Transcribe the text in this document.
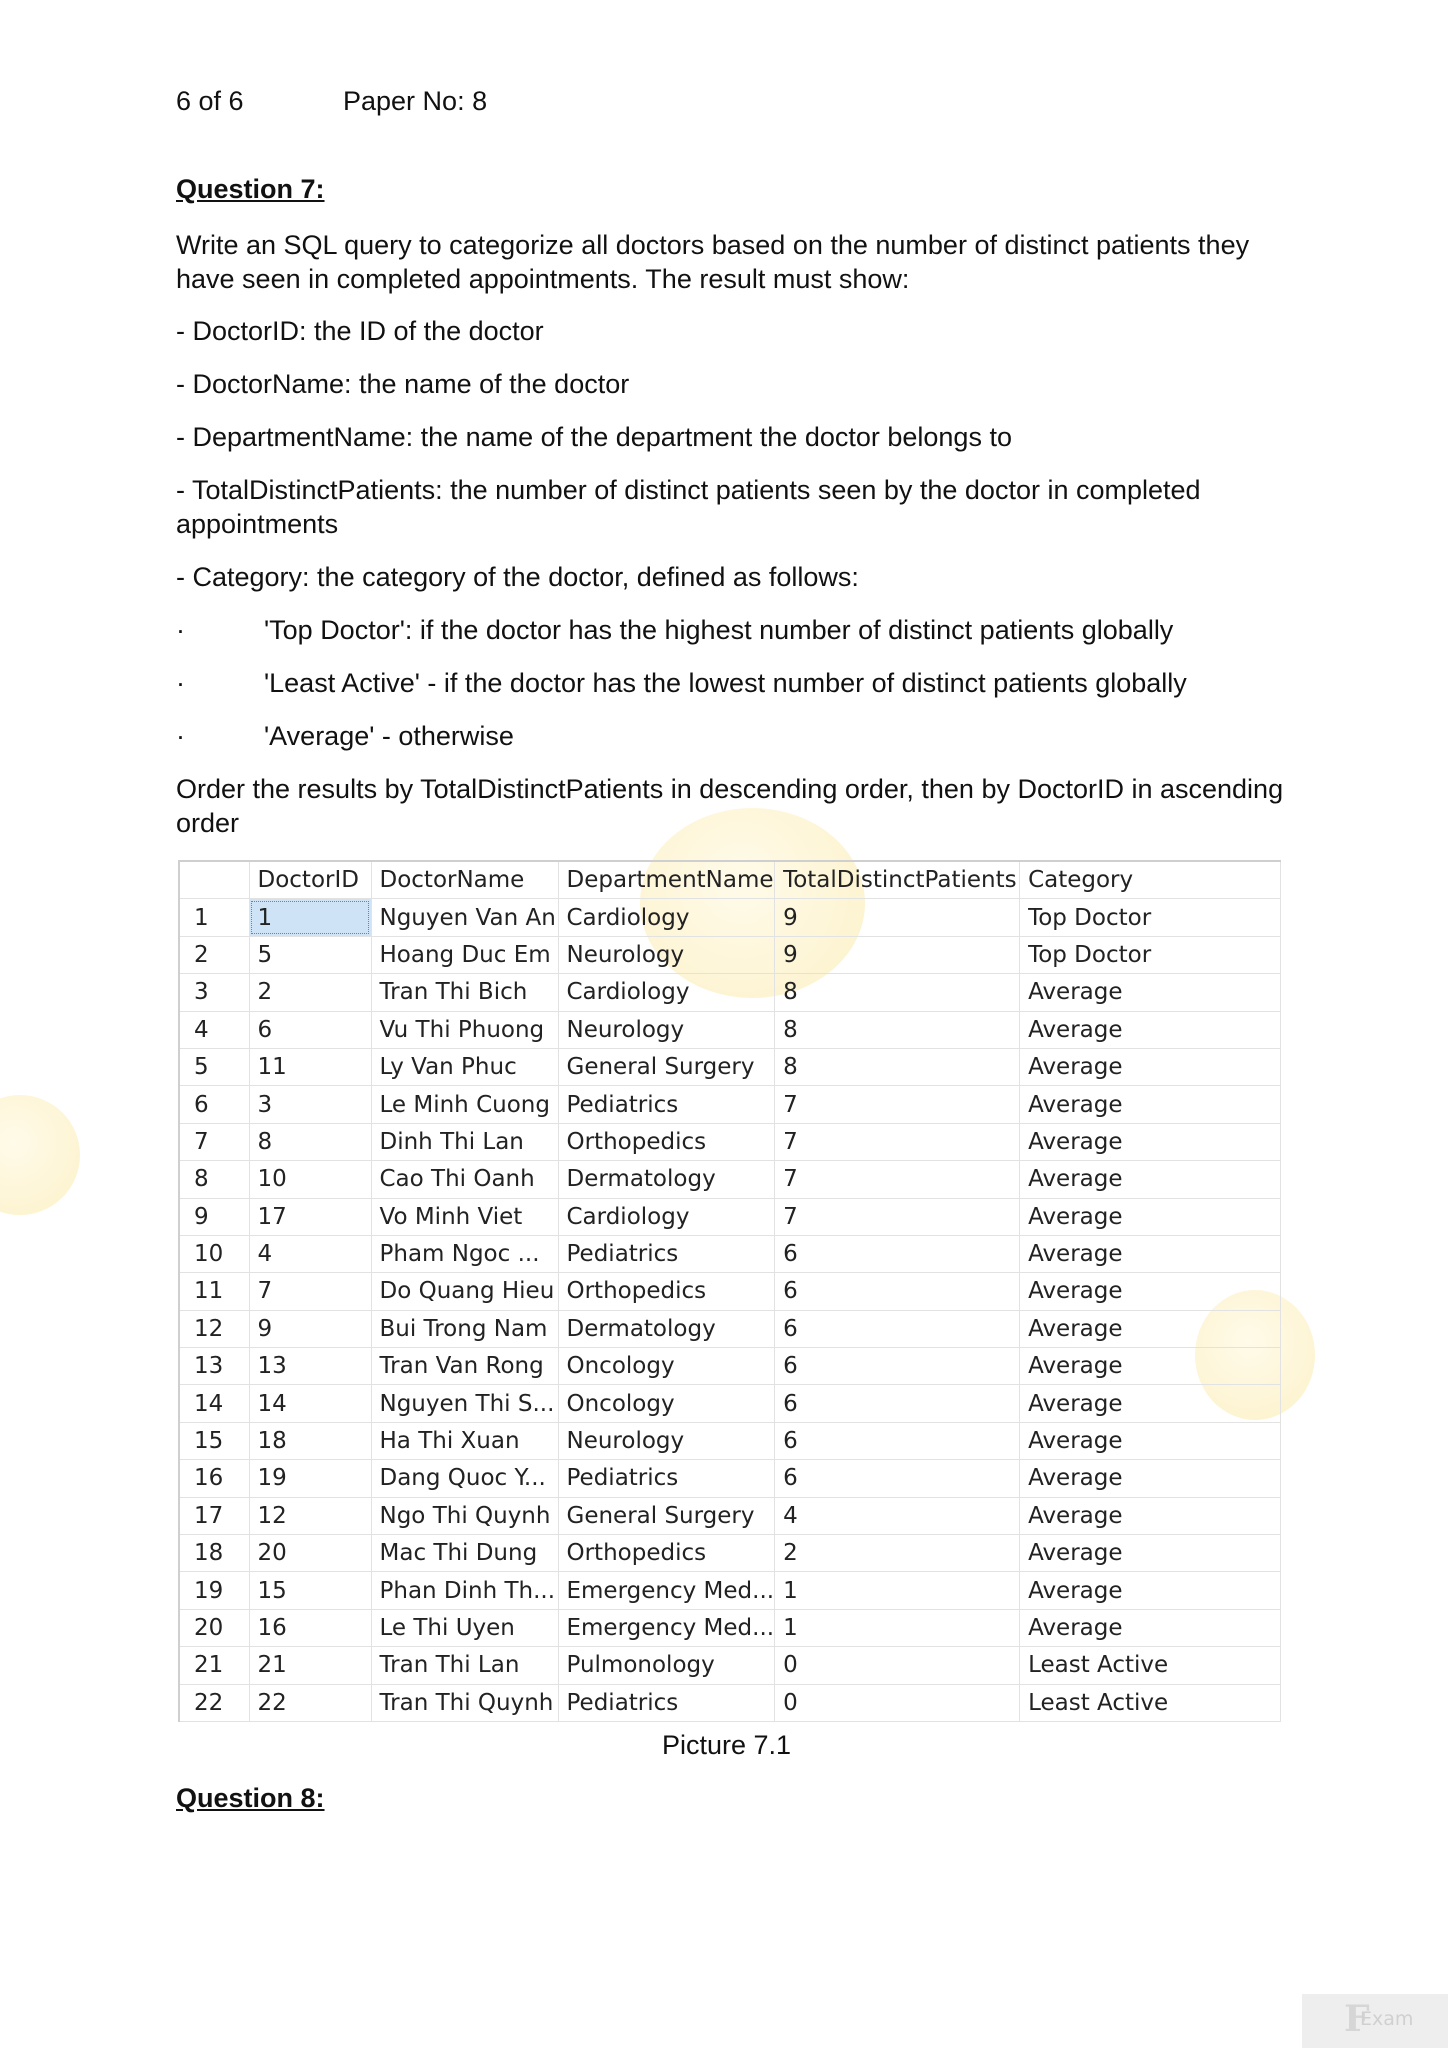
6 of 6	Paper No: 8
Question 7:
Write an SQL query to categorize all doctors based on the number of distinct patients they have seen in completed appointments. The result must show:
- DoctorID: the ID of the doctor
- DoctorName: the name of the doctor
- DepartmentName: the name of the department the doctor belongs to
- TotalDistinctPatients: the number of distinct patients seen by the doctor in completed appointments
- Category: the category of the doctor, defined as follows:
·	'Top Doctor': if the doctor has the highest number of distinct patients globally
·	'Least Active' - if the doctor has the lowest number of distinct patients globally
·	'Average' - otherwise
Order the results by TotalDistinctPatients in descending order, then by DoctorID in ascending order
	DoctorID	DoctorName	DepartmentName	TotalDistinctPatients	Category
1	1	Nguyen Van An	Cardiology	9	Top Doctor
2	5	Hoang Duc Em	Neurology	9	Top Doctor
3	2	Tran Thi Bich	Cardiology	8	Average
4	6	Vu Thi Phuong	Neurology	8	Average
5	11	Ly Van Phuc	General Surgery	8	Average
6	3	Le Minh Cuong	Pediatrics	7	Average
7	8	Dinh Thi Lan	Orthopedics	7	Average
8	10	Cao Thi Oanh	Dermatology	7	Average
9	17	Vo Minh Viet	Cardiology	7	Average
10	4	Pham Ngoc ...	Pediatrics	6	Average
11	7	Do Quang Hieu	Orthopedics	6	Average
12	9	Bui Trong Nam	Dermatology	6	Average
13	13	Tran Van Rong	Oncology	6	Average
14	14	Nguyen Thi S...	Oncology	6	Average
15	18	Ha Thi Xuan	Neurology	6	Average
16	19	Dang Quoc Y...	Pediatrics	6	Average
17	12	Ngo Thi Quynh	General Surgery	4	Average
18	20	Mac Thi Dung	Orthopedics	2	Average
19	15	Phan Dinh Th...	Emergency Med...	1	Average
20	16	Le Thi Uyen	Emergency Med...	1	Average
21	21	Tran Thi Lan	Pulmonology	0	Least Active
22	22	Tran Thi Quynh	Pediatrics	0	Least Active
Picture 7.1
Question 8:
F
Exam
